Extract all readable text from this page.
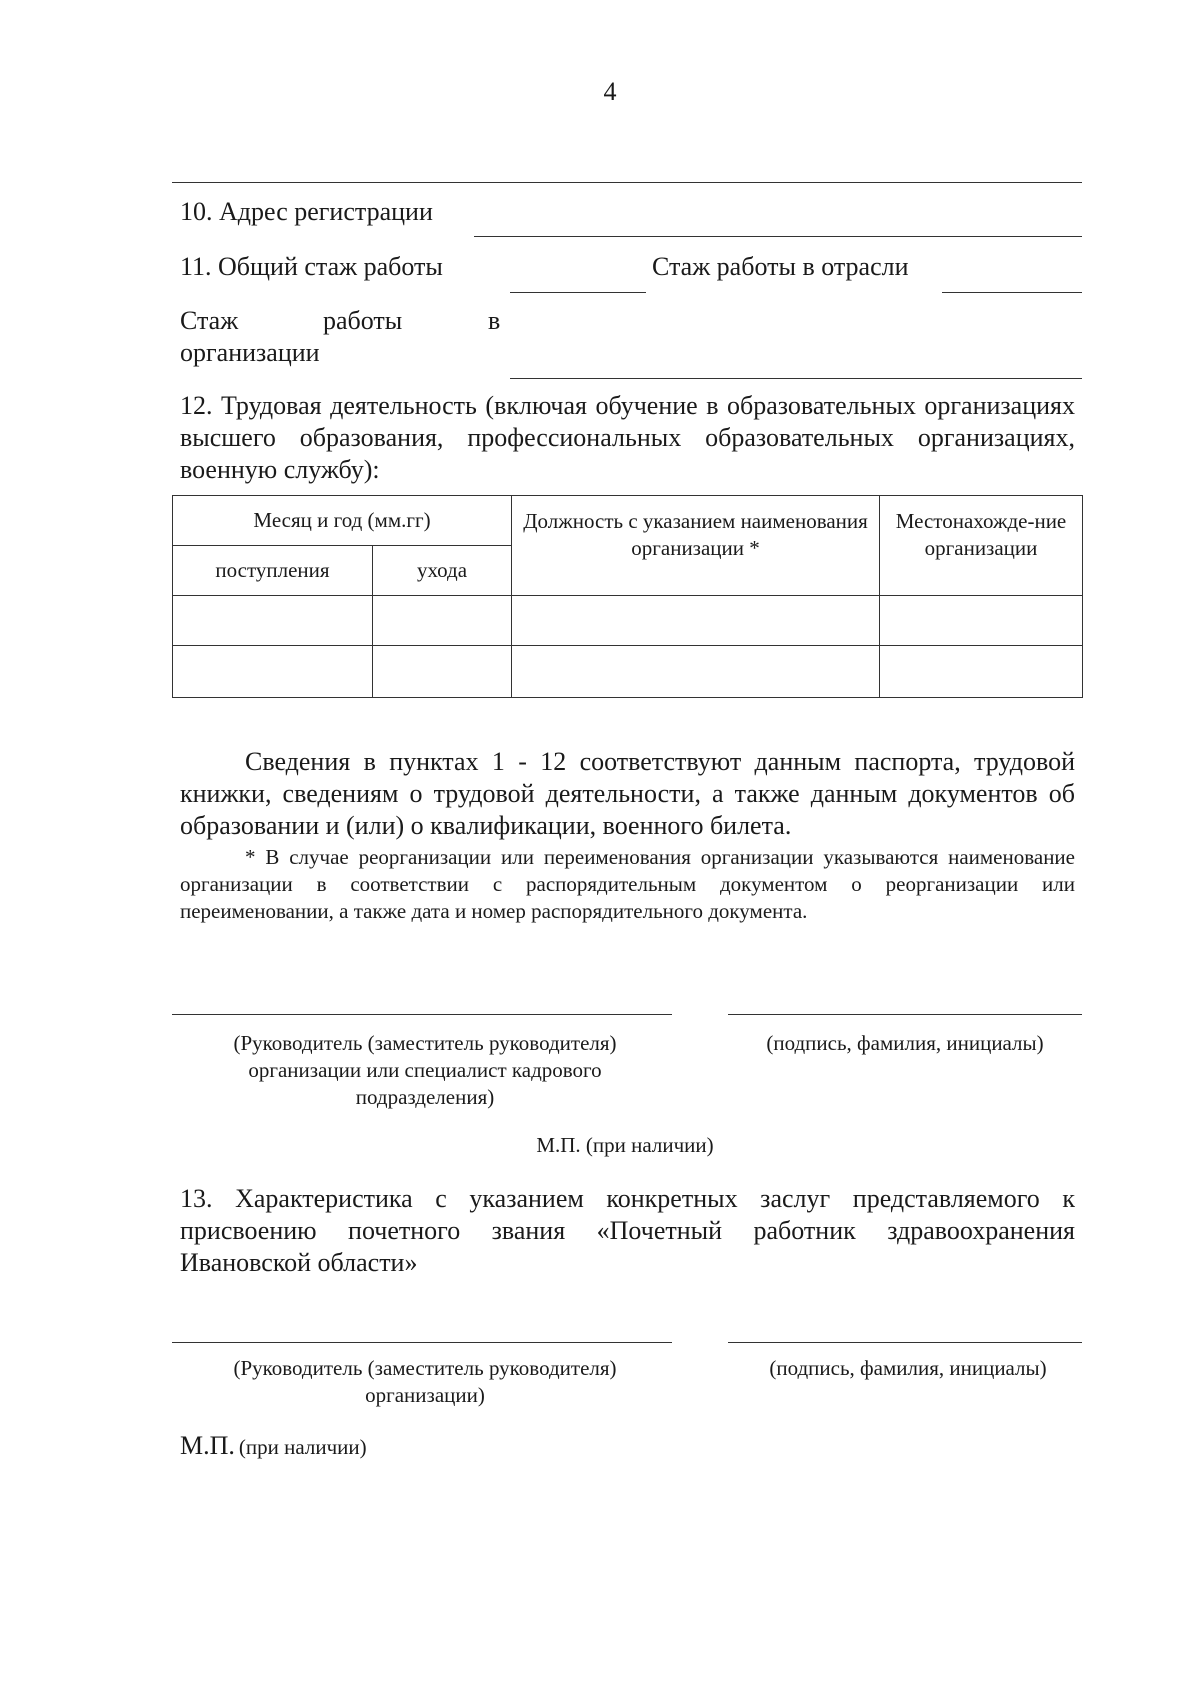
4
10. Адрес регистрации
11. Общий стаж работы	Стаж работы в отрасли
Стаж	работы	в
организации
12. Трудовая деятельность (включая обучение в образовательных организациях высшего образования, профессиональных образовательных организациях, военную службу):
Месяц и год (мм.гг)		Должность с указанием наименования организации *	Местонахожде-ние организации
поступления	ухода		

Сведения в пунктах 1 - 12 соответствуют данным паспорта, трудовой книжки, сведениям о трудовой деятельности, а также данным документов об образовании и (или) о квалификации, военного билета.
* В случае реорганизации или переименования организации указываются наименование организации в соответствии с распорядительным документом о реорганизации или переименовании, а также дата и номер распорядительного документа.
(Руководитель (заместитель руководителя) организации или специалист кадрового подразделения)
(подпись, фамилия, инициалы)
М.П. (при наличии)
13. Характеристика с указанием конкретных заслуг представляемого к присвоению почетного звания «Почетный работник здравоохранения Ивановской области»
(Руководитель (заместитель руководителя) организации)
(подпись, фамилия, инициалы)
М.П. (при наличии)
